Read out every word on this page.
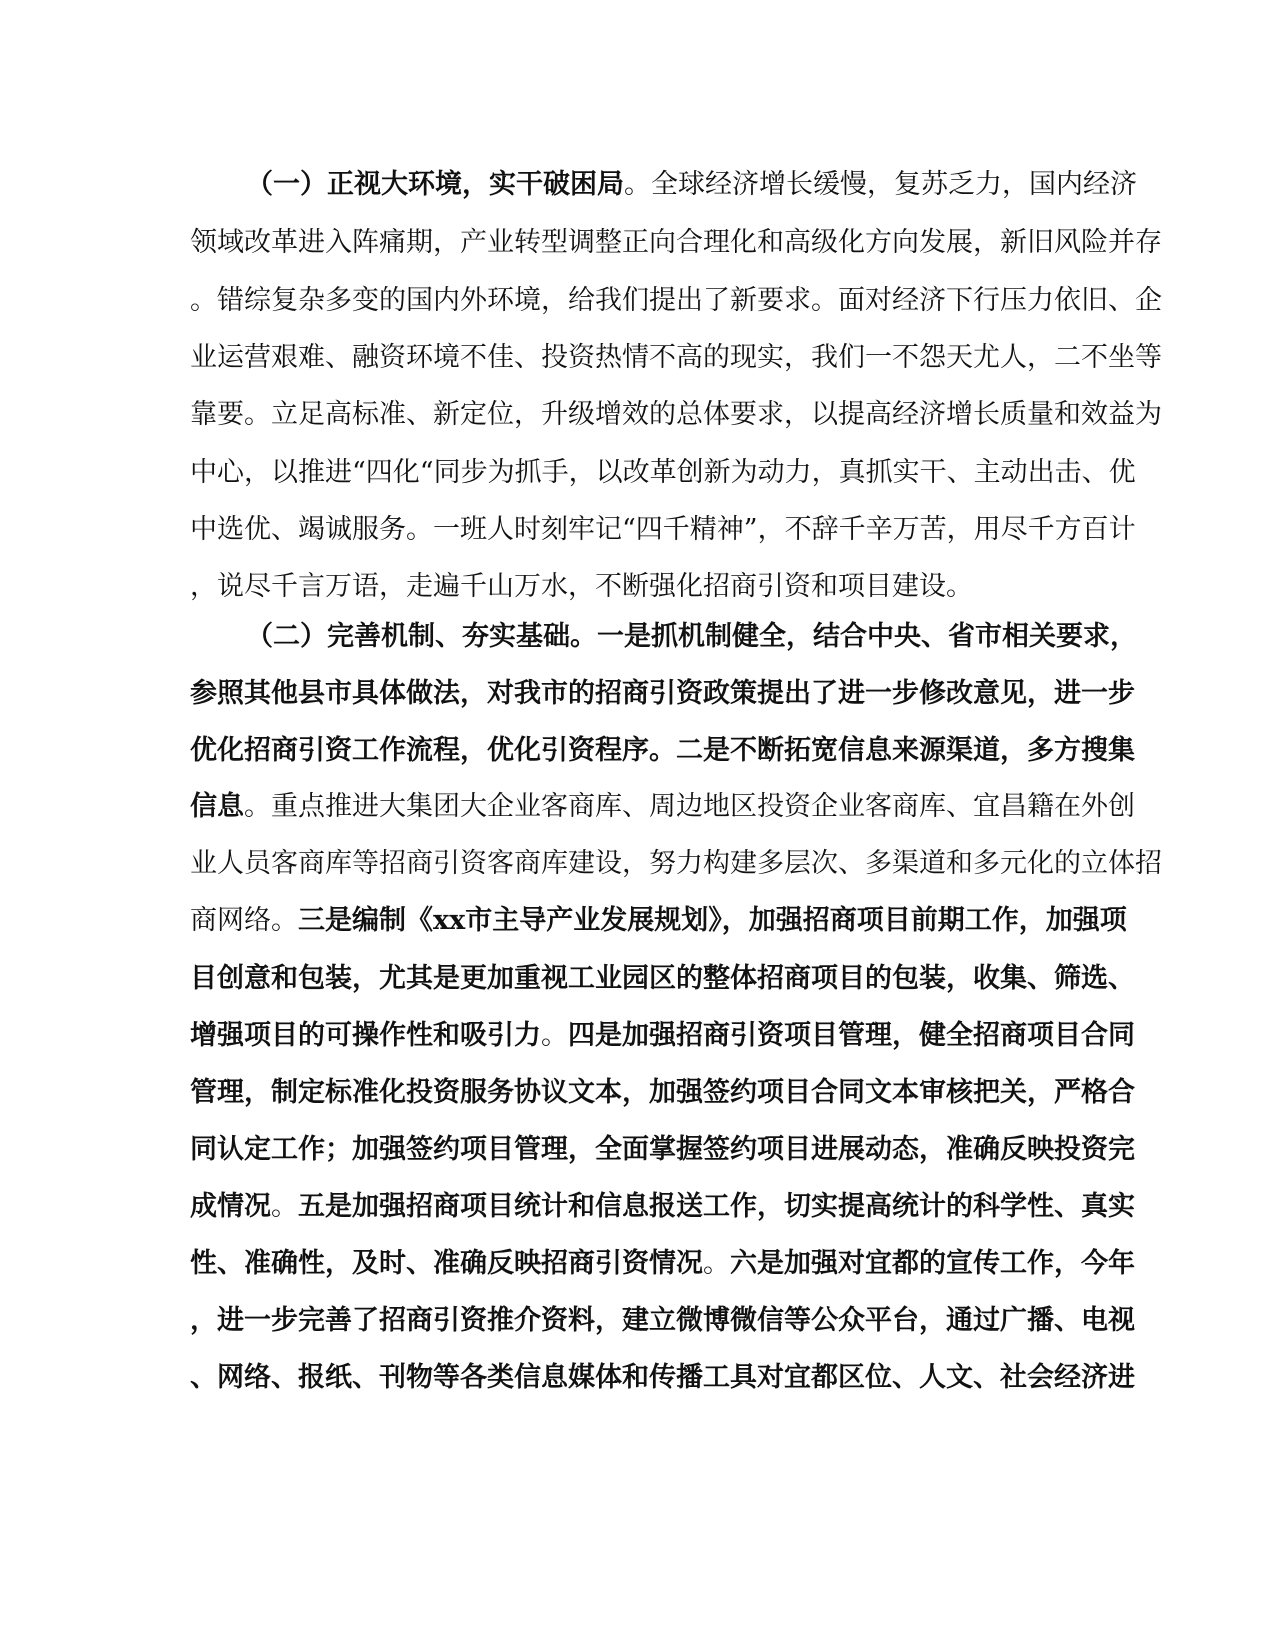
（一）正视大环境，实干破困局。全球经济增长缓慢，复苏乏力，国内经济
领域改革进入阵痛期，产业转型调整正向合理化和高级化方向发展，新旧风险并存
。错综复杂多变的国内外环境，给我们提出了新要求。面对经济下行压力依旧、企
业运营艰难、融资环境不佳、投资热情不高的现实，我们一不怨天尤人，二不坐等
靠要。立足高标准、新定位，升级增效的总体要求，以提高经济增长质量和效益为
中心，以推进“四化“同步为抓手，以改革创新为动力，真抓实干、主动出击、优
中选优、竭诚服务。一班人时刻牢记“四千精神”，不辞千辛万苦，用尽千方百计
，说尽千言万语，走遍千山万水，不断强化招商引资和项目建设。
（二）完善机制、夯实基础。一是抓机制健全，结合中央、省市相关要求，
参照其他县市具体做法，对我市的招商引资政策提出了进一步修改意见，进一步
优化招商引资工作流程，优化引资程序。二是不断拓宽信息来源渠道，多方搜集
信息。重点推进大集团大企业客商库、周边地区投资企业客商库、宜昌籍在外创
业人员客商库等招商引资客商库建设，努力构建多层次、多渠道和多元化的立体招
商网络。三是编制《xx市主导产业发展规划》，加强招商项目前期工作，加强项
目创意和包装，尤其是更加重视工业园区的整体招商项目的包装，收集、筛选、
增强项目的可操作性和吸引力。四是加强招商引资项目管理，健全招商项目合同
管理，制定标准化投资服务协议文本，加强签约项目合同文本审核把关，严格合
同认定工作；加强签约项目管理，全面掌握签约项目进展动态，准确反映投资完
成情况。五是加强招商项目统计和信息报送工作，切实提高统计的科学性、真实
性、准确性，及时、准确反映招商引资情况。六是加强对宜都的宣传工作，今年
，进一步完善了招商引资推介资料，建立微博微信等公众平台，通过广播、电视
、网络、报纸、刊物等各类信息媒体和传播工具对宜都区位、人文、社会经济进
